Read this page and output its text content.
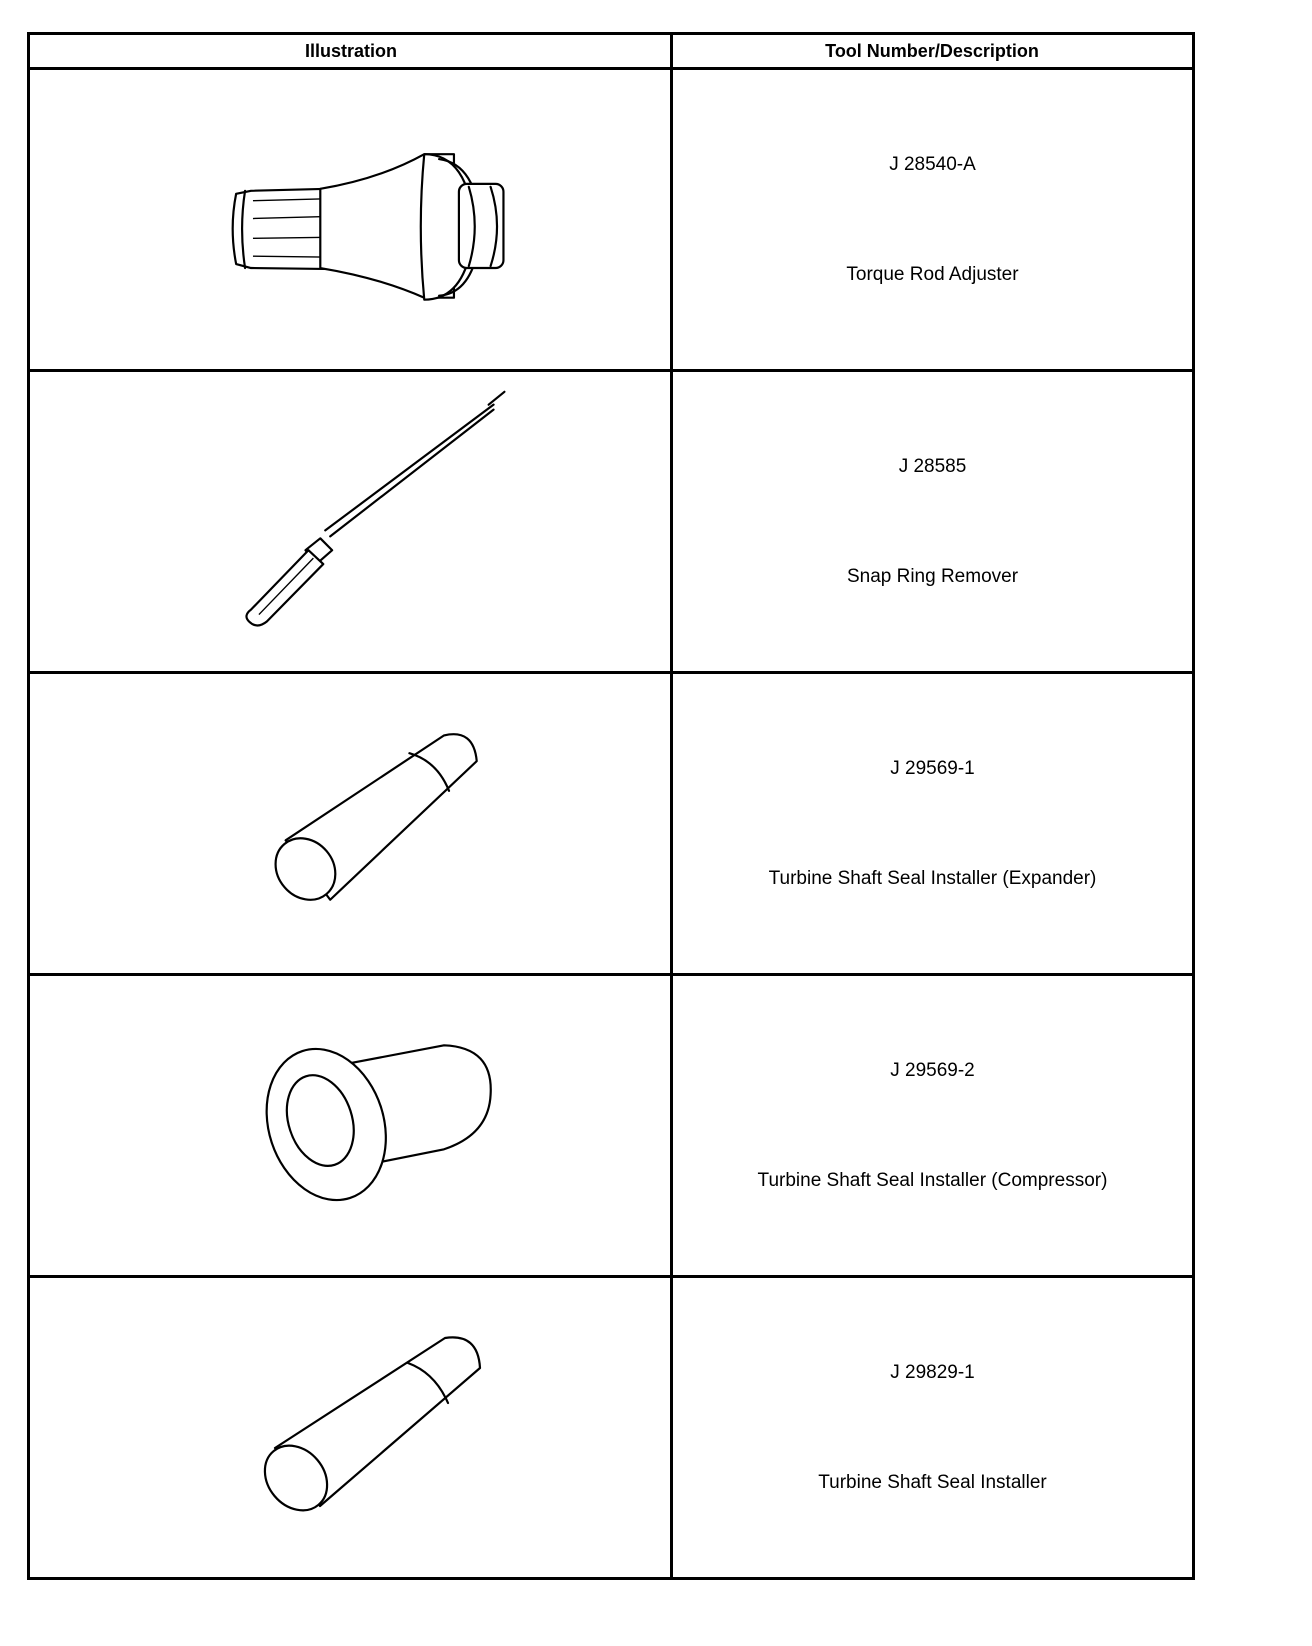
Illustration	Tool Number/Description
J 28540-A
Torque Rod Adjuster
J 28585
Snap Ring Remover
J 29569-1
Turbine Shaft Seal Installer (Expander)
J 29569-2
Turbine Shaft Seal Installer (Compressor)
J 29829-1
Turbine Shaft Seal Installer
